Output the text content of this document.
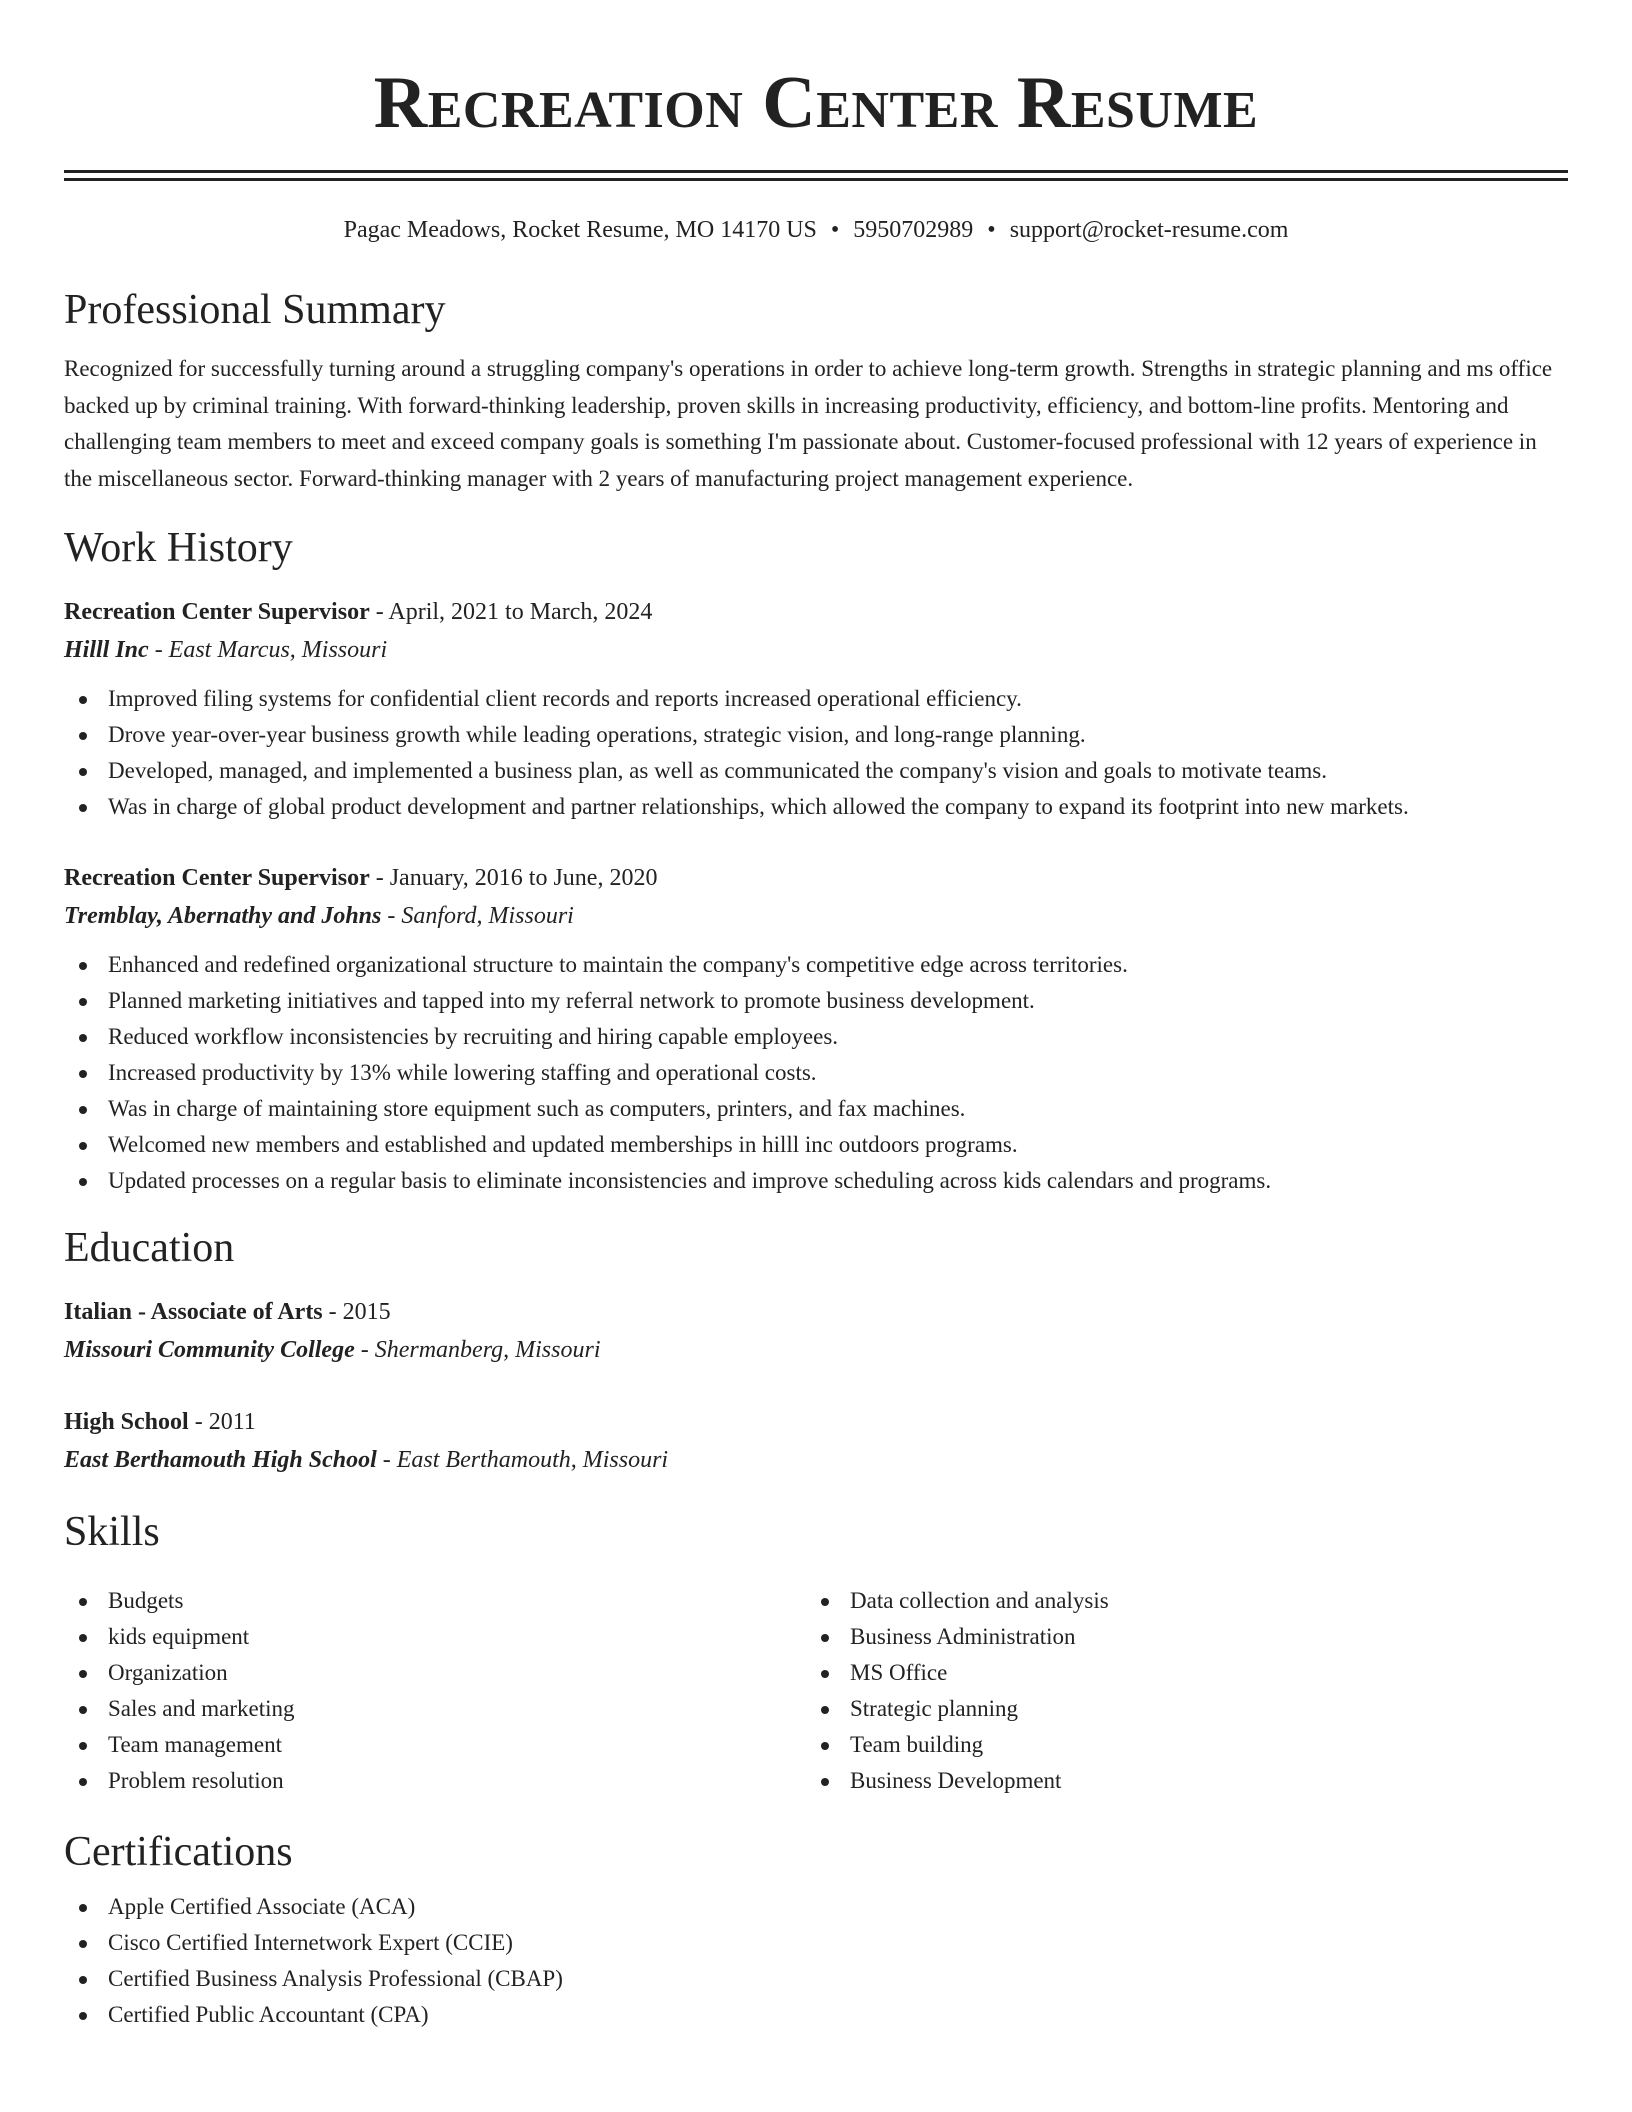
Recreation Center Resume
Pagac Meadows, Rocket Resume, MO 14170 US • 5950702989 • support@rocket-resume.com
Professional Summary

Recognized for successfully turning around a struggling company's operations in order to achieve long-term growth. Strengths in strategic planning and ms office backed up by criminal training. With forward-thinking leadership, proven skills in increasing productivity, efficiency, and bottom-line profits. Mentoring and challenging team members to meet and exceed company goals is something I'm passionate about. Customer-focused professional with 12 years of experience in the miscellaneous sector. Forward-thinking manager with 2 years of manufacturing project management experience.

Work History
Recreation Center Supervisor - April, 2021 to March, 2024
Hilll Inc - East Marcus, Missouri
Improved filing systems for confidential client records and reports increased operational efficiency.
Drove year-over-year business growth while leading operations, strategic vision, and long-range planning.
Developed, managed, and implemented a business plan, as well as communicated the company's vision and goals to motivate teams.
Was in charge of global product development and partner relationships, which allowed the company to expand its footprint into new markets.
Recreation Center Supervisor - January, 2016 to June, 2020
Tremblay, Abernathy and Johns - Sanford, Missouri
Enhanced and redefined organizational structure to maintain the company's competitive edge across territories.
Planned marketing initiatives and tapped into my referral network to promote business development.
Reduced workflow inconsistencies by recruiting and hiring capable employees.
Increased productivity by 13% while lowering staffing and operational costs.
Was in charge of maintaining store equipment such as computers, printers, and fax machines.
Welcomed new members and established and updated memberships in hilll inc outdoors programs.
Updated processes on a regular basis to eliminate inconsistencies and improve scheduling across kids calendars and programs.
Education
Italian - Associate of Arts - 2015
Missouri Community College - Shermanberg, Missouri
High School - 2011
East Berthamouth High School - East Berthamouth, Missouri
Skills
Budgets
kids equipment
Organization
Sales and marketing
Team management
Problem resolution
Data collection and analysis
Business Administration
MS Office
Strategic planning
Team building
Business Development
Certifications
Apple Certified Associate (ACA)
Cisco Certified Internetwork Expert (CCIE)
Certified Business Analysis Professional (CBAP)
Certified Public Accountant (CPA)
